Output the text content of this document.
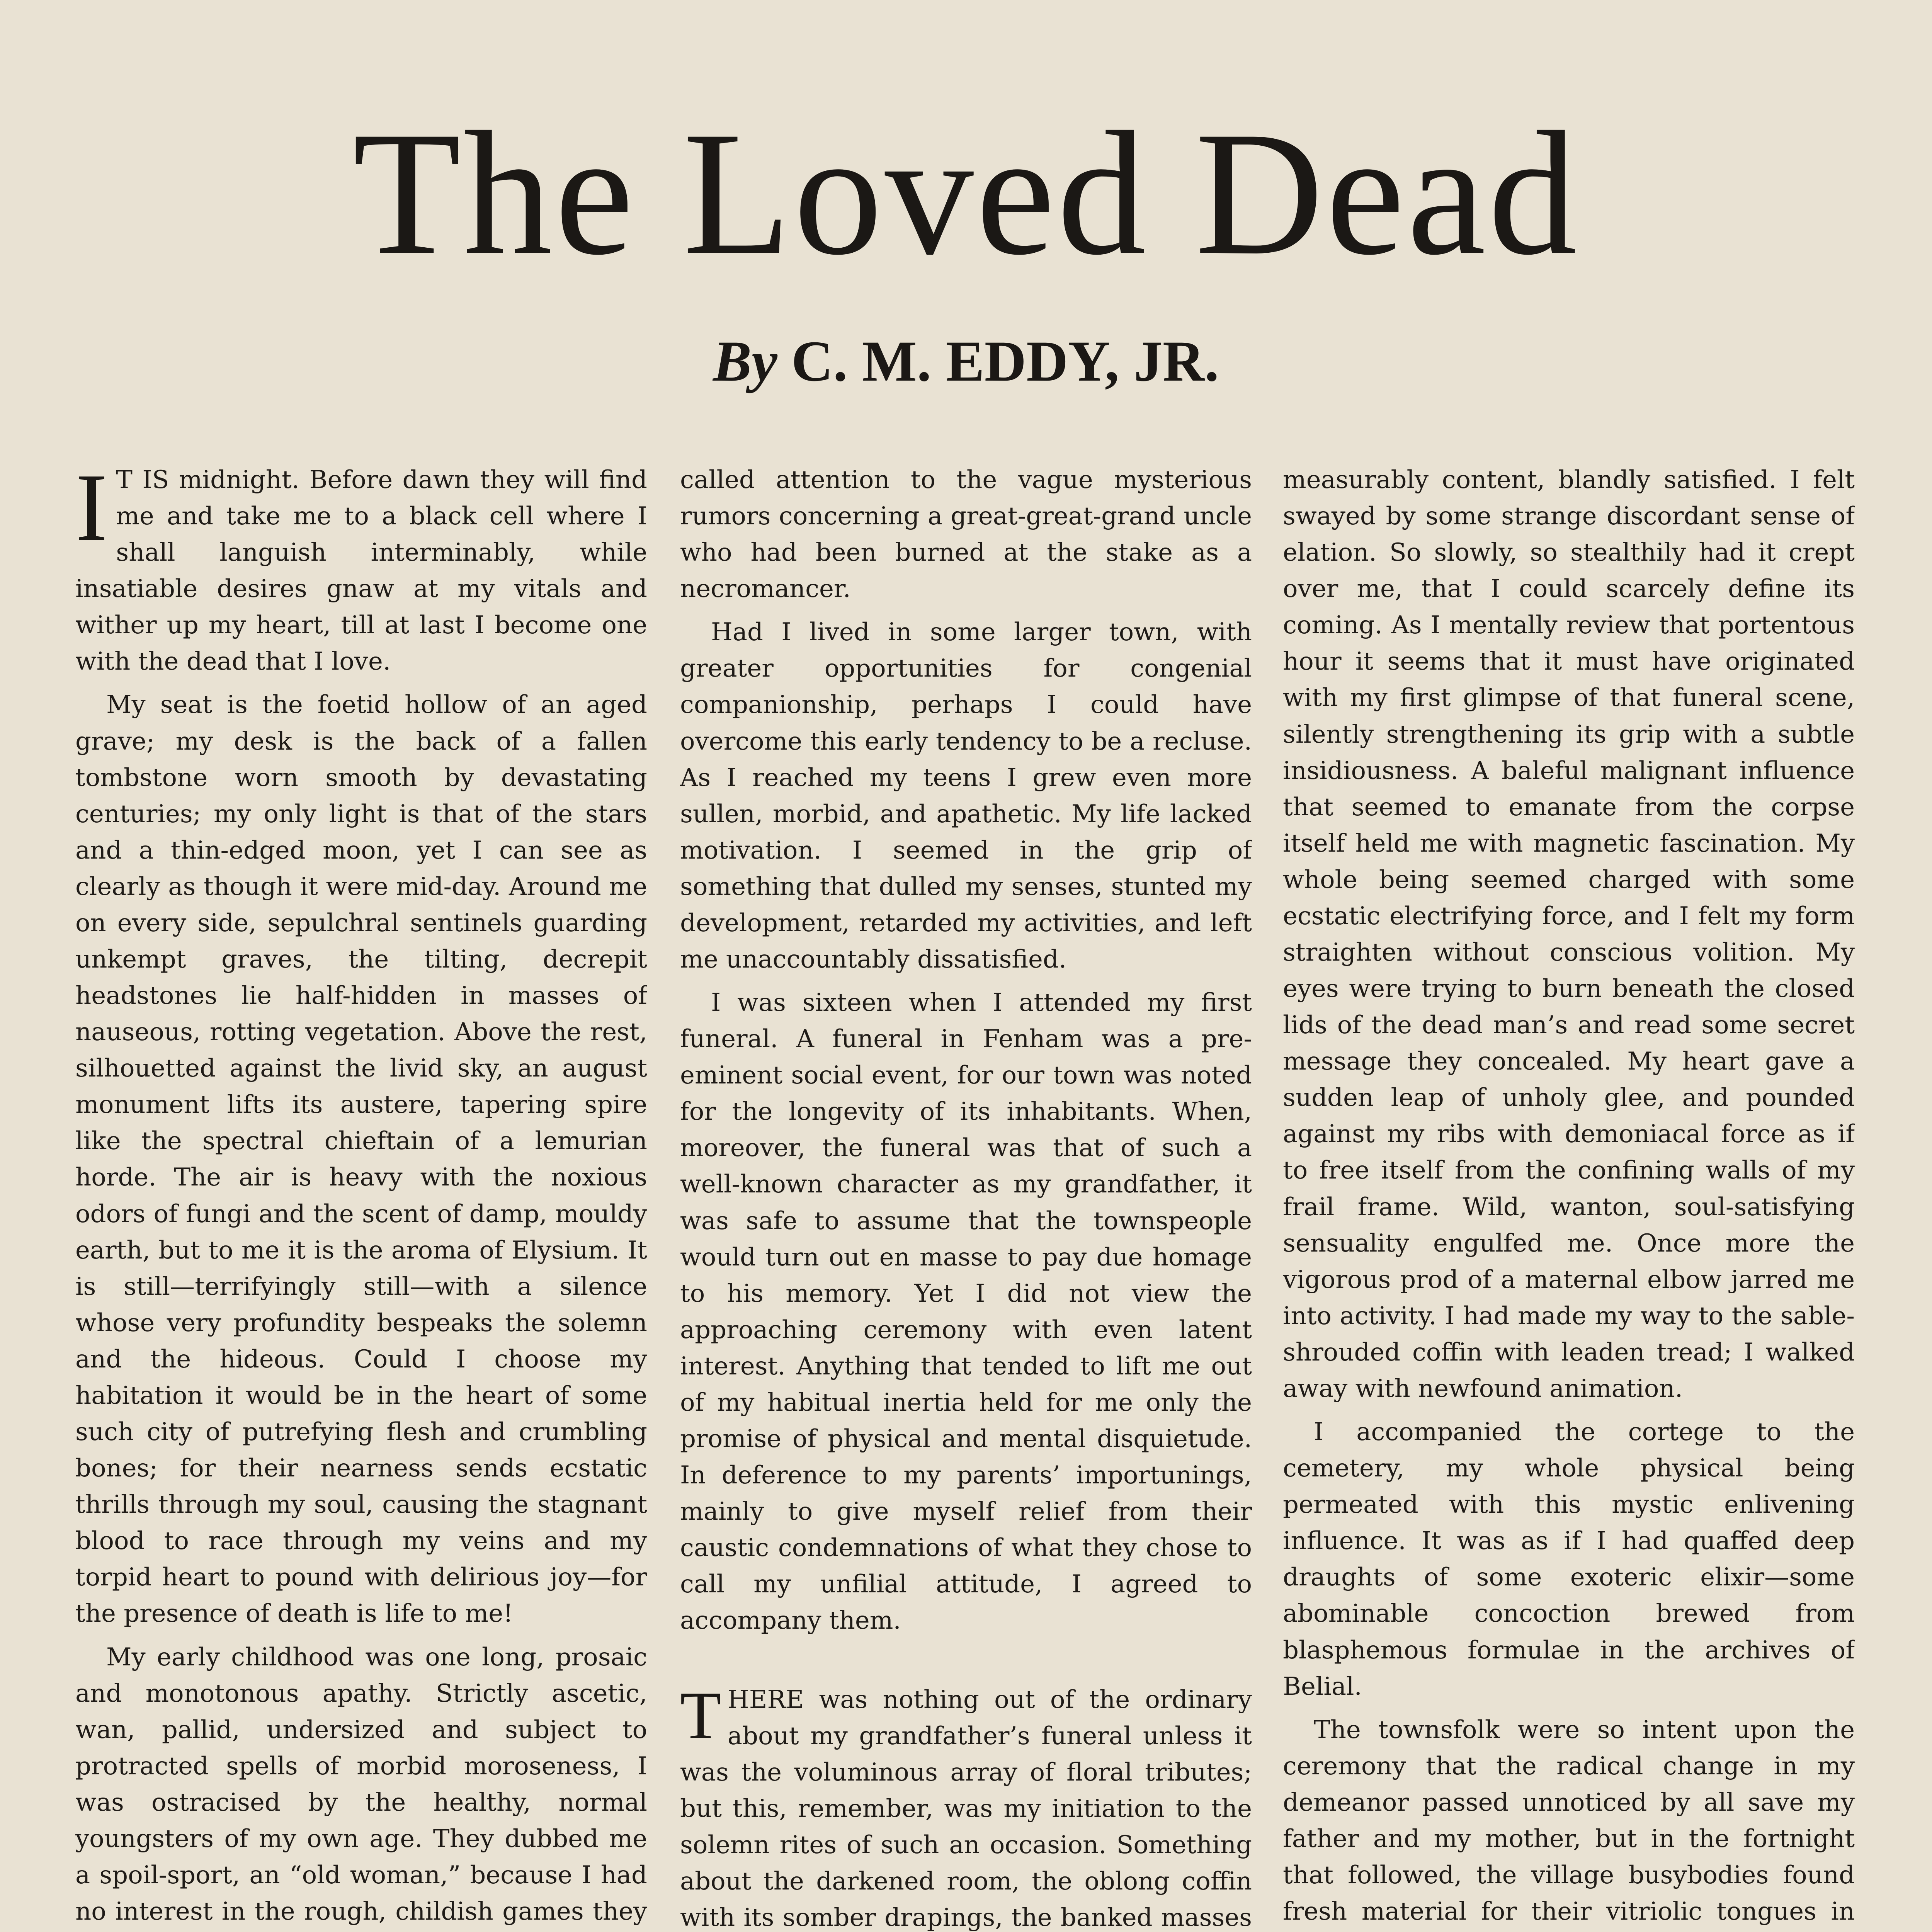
The Loved Dead
By C. M. EDDY, JR.

I T IS midnight. Before dawn they will find me and take me to a black cell where I shall languish interminably, while insatiable desires gnaw at my vitals and wither up my heart, till at last I become one with the dead that I love.

My seat is the foetid hollow of an aged grave; my desk is the back of a fallen tombstone worn smooth by devastating centuries; my only light is that of the stars and a thin-edged moon, yet I can see as clearly as though it were mid-day. Around me on every side, sepulchral sentinels guarding unkempt graves, the tilting, decrepit headstones lie half-hidden in masses of nauseous, rotting vegetation. Above the rest, silhouetted against the livid sky, an august monument lifts its austere, tapering spire like the spectral chieftain of a lemurian horde. The air is heavy with the noxious odors of fungi and the scent of damp, mouldy earth, but to me it is the aroma of Elysium. It is still—terrifyingly still—with a silence whose very profundity bespeaks the solemn and the hideous. Could I choose my habitation it would be in the heart of some such city of putrefying flesh and crumbling bones; for their nearness sends ecstatic thrills through my soul, causing the stagnant blood to race through my veins and my torpid heart to pound with delirious joy—for the presence of death is life to me!

My early childhood was one long, prosaic and monotonous apathy. Strictly ascetic, wan, pallid, undersized and subject to protracted spells of morbid moroseness, I was ostracised by the healthy, normal youngsters of my own age. They dubbed me a spoil-sport, an “old woman,” because I had no interest in the rough, childish games they

called attention to the vague mysterious rumors concerning a great-great-grand uncle who had been burned at the stake as a necromancer.

Had I lived in some larger town, with greater opportunities for congenial companionship, perhaps I could have overcome this early tendency to be a recluse. As I reached my teens I grew even more sullen, morbid, and apathetic. My life lacked motivation. I seemed in the grip of something that dulled my senses, stunted my development, retarded my activities, and left me unaccountably dissatisfied.

I was sixteen when I attended my first funeral. A funeral in Fenham was a pre-eminent social event, for our town was noted for the longevity of its inhabitants. When, moreover, the funeral was that of such a well-known character as my grandfather, it was safe to assume that the townspeople would turn out en masse to pay due homage to his memory. Yet I did not view the approaching ceremony with even latent interest. Anything that tended to lift me out of my habitual inertia held for me only the promise of physical and mental disquietude. In deference to my parents’ importunings, mainly to give myself relief from their caustic condemnations of what they chose to call my unfilial attitude, I agreed to accompany them.

THERE was nothing out of the ordinary about my grandfather’s funeral unless it was the voluminous array of floral tributes; but this, remember, was my initiation to the solemn rites of such an occasion. Something about the darkened room, the oblong coffin with its somber drapings, the banked masses

measurably content, blandly satisfied. I felt swayed by some strange discordant sense of elation. So slowly, so stealthily had it crept over me, that I could scarcely define its coming. As I mentally review that portentous hour it seems that it must have originated with my first glimpse of that funeral scene, silently strengthening its grip with a subtle insidiousness. A baleful malignant influence that seemed to emanate from the corpse itself held me with magnetic fascination. My whole being seemed charged with some ecstatic electrifying force, and I felt my form straighten without conscious volition. My eyes were trying to burn beneath the closed lids of the dead man’s and read some secret message they concealed. My heart gave a sudden leap of unholy glee, and pounded against my ribs with demoniacal force as if to free itself from the confining walls of my frail frame. Wild, wanton, soul-satisfying sensuality engulfed me. Once more the vigorous prod of a maternal elbow jarred me into activity. I had made my way to the sable-shrouded coffin with leaden tread; I walked away with newfound animation.

I accompanied the cortege to the cemetery, my whole physical being permeated with this mystic enlivening influence. It was as if I had quaffed deep draughts of some exoteric elixir—some abominable concoction brewed from blasphemous formulae in the archives of Belial.

The townsfolk were so intent upon the ceremony that the radical change in my demeanor passed unnoticed by all save my father and my mother, but in the fortnight that followed, the village busybodies found fresh material for their vitriolic tongues in
